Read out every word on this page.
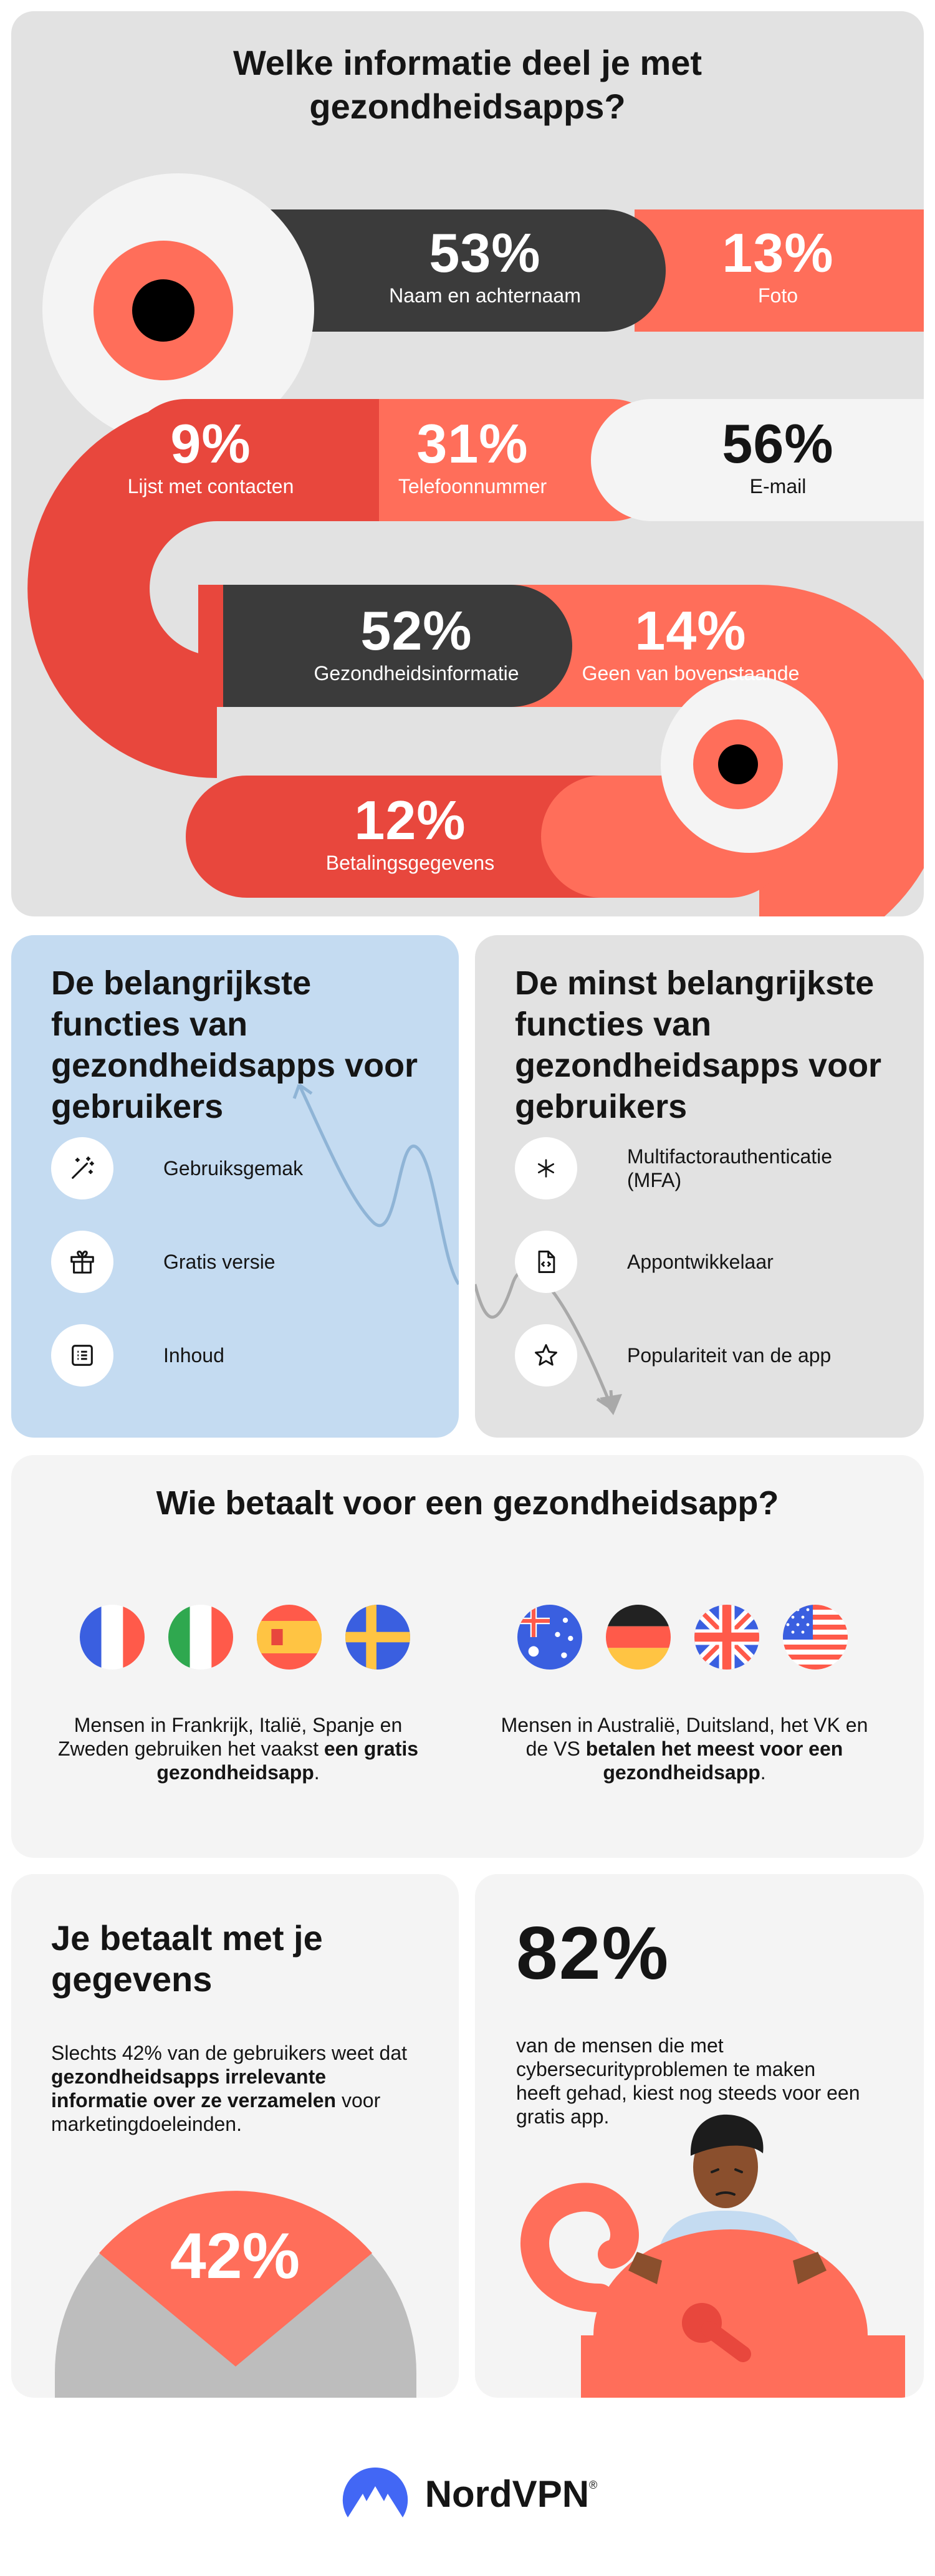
Welke informatie deel je met
gezondheidsapps?
53%
Naam en achternaam
13%
Foto
9%
Lijst met contacten
31%
Telefoonnummer
56%
E-mail
52%
Gezondheidsinformatie
14%
Geen van bovenstaande
12%
Betalingsgegevens
De belangrijkste functies van gezondheidsapps voor gebruikers
Gebruiksgemak
Gratis versie
Inhoud
De minst belangrijkste functies van gezondheidsapps voor gebruikers
Multifactorauthenticatie (MFA)
Appontwikkelaar
Populariteit van de app
Wie betaalt voor een gezondheidsapp?
Mensen in Frankrijk, Italië, Spanje en Zweden gebruiken het vaakst een gratis gezondheidsapp.
Mensen in Australië, Duitsland, het VK en de VS betalen het meest voor een gezondheidsapp.
Je betaalt met je gegevens
Slechts 42% van de gebruikers weet dat gezondheidsapps irrelevante informatie over ze verzamelen voor marketingdoeleinden.
42%
82%
van de mensen die met cybersecurityproblemen te maken heeft gehad, kiest nog steeds voor een gratis app.
NordVPN®
